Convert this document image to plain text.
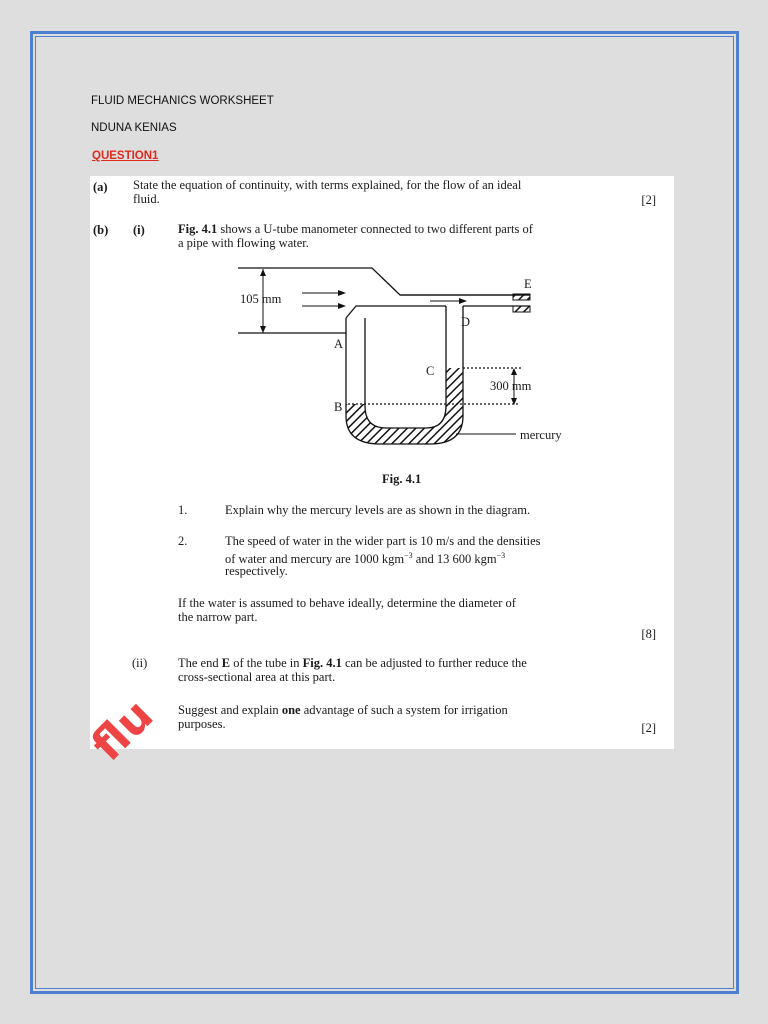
FLUID MECHANICS WORKSHEET
NDUNA KENIAS
QUESTION1
(a) State the equation of continuity, with terms explained, for the flow of an ideal
fluid.	[2]
(b) (i)	Fig. 4.1 shows a U-tube manometer connected to two different parts of
a pipe with flowing water.
105 mm
A
B
C
D
E
300 mm
mercury
Fig. 4.1
1.	Explain why the mercury levels are as shown in the diagram.
2.	The speed of water in the wider part is 10 m/s and the densities
of water and mercury are 1000 kgm$^{-3}$ and 13 600 kgm$^{-3}$
respectively.
If the water is assumed to behave ideally, determine the diameter of
the narrow part.
[8]
(ii) The end E of the tube in Fig. 4.1 can be adjusted to further reduce the
cross-sectional area at this part.
Suggest and explain one advantage of such a system for irrigation
purposes.	[2]
flu
